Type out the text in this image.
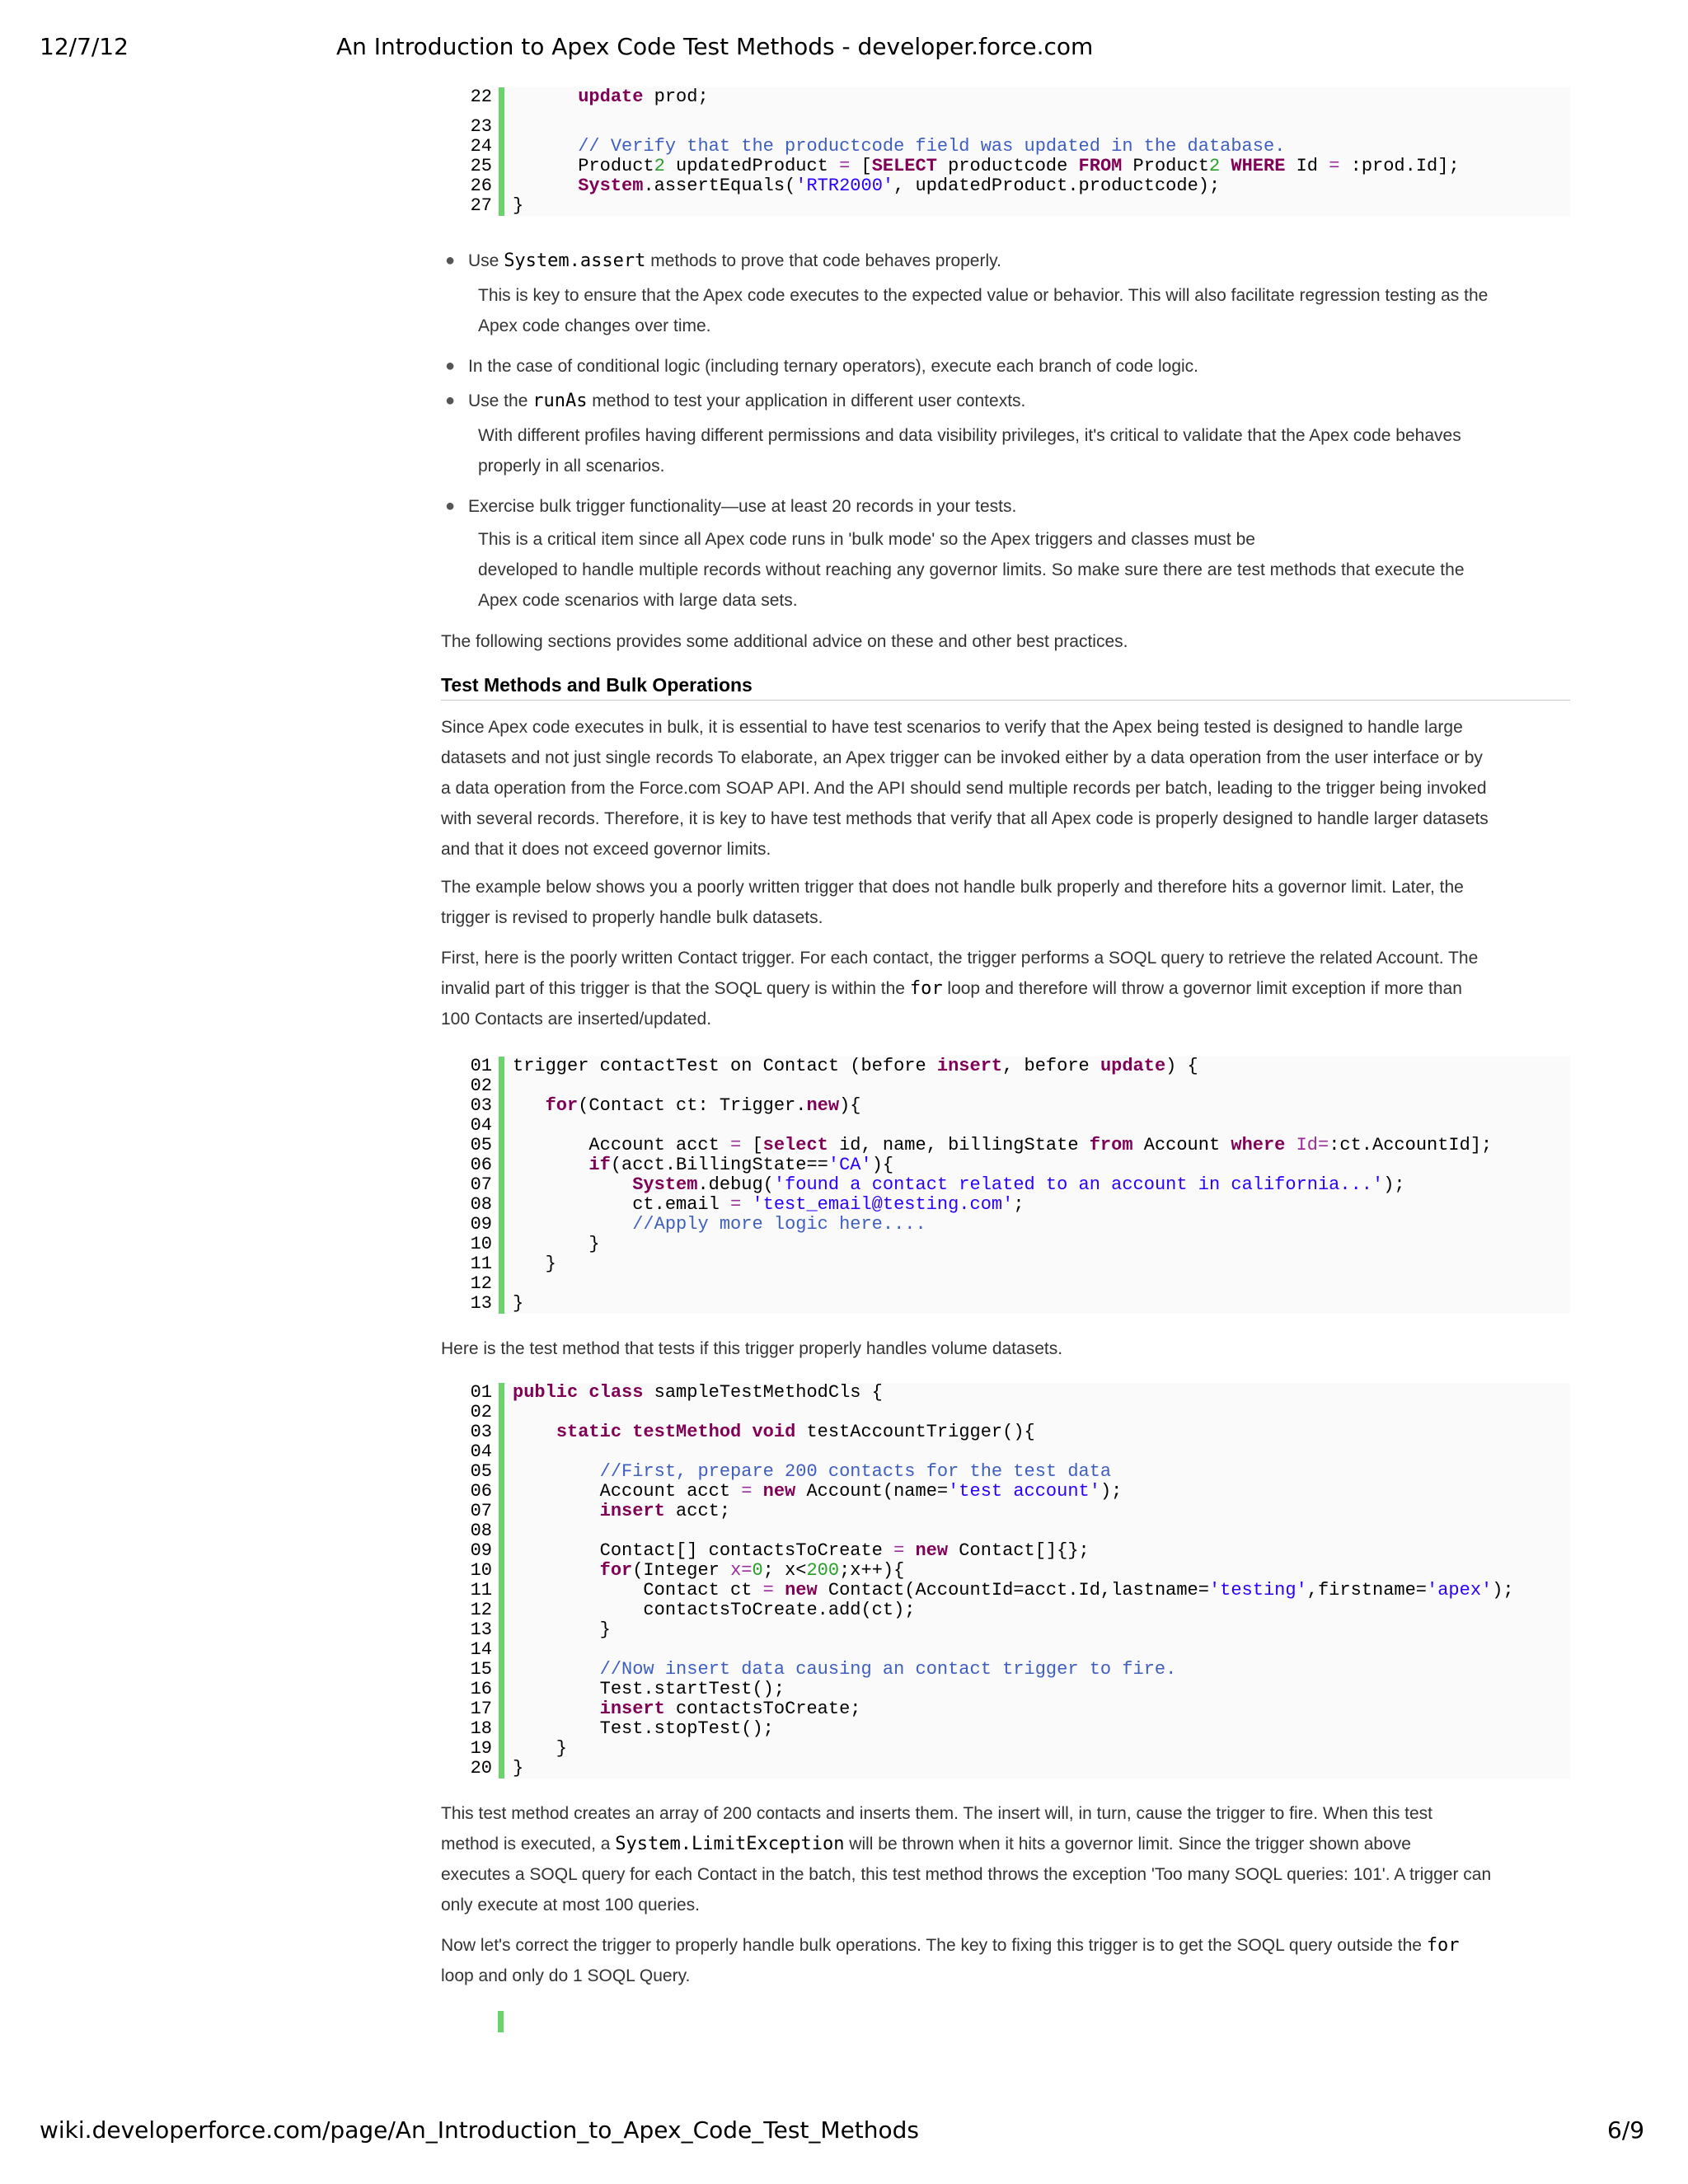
12/7/12	An Introduction to Apex Code Test Methods - developer.force.com
22	update prod;
23
24	// Verify that the productcode field was updated in the database.
25	Product2 updatedProduct = [SELECT productcode FROM Product2 WHERE Id = :prod.Id];
26	System.assertEquals('RTR2000', updatedProduct.productcode);
27	}
● Use System.assert methods to prove that code behaves properly.
This is key to ensure that the Apex code executes to the expected value or behavior. This will also facilitate regression testing as the
Apex code changes over time.
● In the case of conditional logic (including ternary operators), execute each branch of code logic.
● Use the runAs method to test your application in different user contexts.
With different profiles having different permissions and data visibility privileges, it's critical to validate that the Apex code behaves
properly in all scenarios.
● Exercise bulk trigger functionality—use at least 20 records in your tests.
This is a critical item since all Apex code runs in 'bulk mode' so the Apex triggers and classes must be
developed to handle multiple records without reaching any governor limits. So make sure there are test methods that execute the
Apex code scenarios with large data sets.
The following sections provides some additional advice on these and other best practices.
Test Methods and Bulk Operations
Since Apex code executes in bulk, it is essential to have test scenarios to verify that the Apex being tested is designed to handle large
datasets and not just single records To elaborate, an Apex trigger can be invoked either by a data operation from the user interface or by
a data operation from the Force.com SOAP API. And the API should send multiple records per batch, leading to the trigger being invoked
with several records. Therefore, it is key to have test methods that verify that all Apex code is properly designed to handle larger datasets
and that it does not exceed governor limits.
The example below shows you a poorly written trigger that does not handle bulk properly and therefore hits a governor limit. Later, the
trigger is revised to properly handle bulk datasets.
First, here is the poorly written Contact trigger. For each contact, the trigger performs a SOQL query to retrieve the related Account. The
invalid part of this trigger is that the SOQL query is within the for loop and therefore will throw a governor limit exception if more than
100 Contacts are inserted/updated.
01	trigger contactTest on Contact (before insert, before update) {
02
03	for(Contact ct: Trigger.new){
04
05	Account acct = [select id, name, billingState from Account where Id=:ct.AccountId];
06	if(acct.BillingState=='CA'){
07	System.debug('found a contact related to an account in california...');
08	ct.email = 'test_email@testing.com';
09	//Apply more logic here....
10	}
11	}
12
13	}
Here is the test method that tests if this trigger properly handles volume datasets.
01	public class sampleTestMethodCls {
02
03	static testMethod void testAccountTrigger(){
04
05	//First, prepare 200 contacts for the test data
06	Account acct = new Account(name='test account');
07	insert acct;
08
09	Contact[] contactsToCreate = new Contact[]{};
10	for(Integer x=0; x<200;x++){
11	Contact ct = new Contact(AccountId=acct.Id,lastname='testing',firstname='apex');
12	contactsToCreate.add(ct);
13	}
14
15	//Now insert data causing an contact trigger to fire.
16	Test.startTest();
17	insert contactsToCreate;
18	Test.stopTest();
19	}
20	}
This test method creates an array of 200 contacts and inserts them. The insert will, in turn, cause the trigger to fire. When this test
method is executed, a System.LimitException will be thrown when it hits a governor limit. Since the trigger shown above
executes a SOQL query for each Contact in the batch, this test method throws the exception 'Too many SOQL queries: 101'. A trigger can
only execute at most 100 queries.
Now let's correct the trigger to properly handle bulk operations. The key to fixing this trigger is to get the SOQL query outside the for
loop and only do 1 SOQL Query.
wiki.developerforce.com/page/An_Introduction_to_Apex_Code_Test_Methods	6/9
